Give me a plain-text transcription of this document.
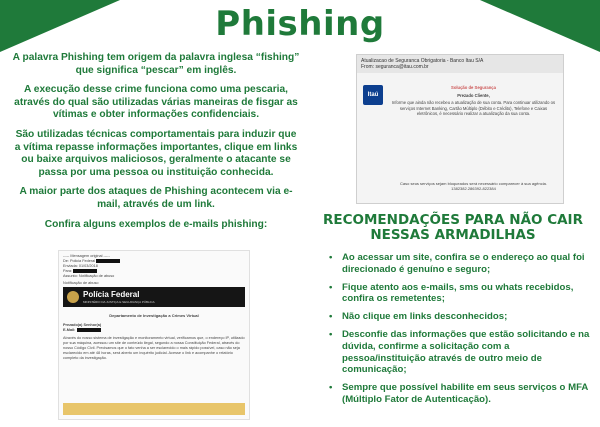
Phishing

A palavra Phishing tem origem da palavra inglesa “fishing” que significa “pescar” em inglês.

A execução desse crime funciona como uma pescaria, através do qual são utilizadas várias maneiras de fisgar as vítimas e obter informações confidenciais.

São utilizadas técnicas comportamentais para induzir que a vítima repasse informações importantes, clique em links ou baixe arquivos maliciosos, geralmente o atacante se passa por uma pessoa ou instituição conhecida.

A maior parte dos ataques de Phishing acontecem via e-mail, através de um link.

Confira alguns exemplos de e-mails phishing:

Atualizacao de Seguranca Obrigatoria - Banco Itau S/A
From: seguranca@itau.com.br
Itaú
Solução de Segurança
Prezado Cliente,
Informe que ainda não recebeu a atualização de sua conta. Para continuar utilizando os serviços Internet Banking, Cartão Múltiplo (Débito e Crédito), Telefone e Caixas eletrônicos, é necessário realizar a atualização da sua conta.
Caso seus serviços sejam bloqueados será necessário comparecer à sua agência. 1382382.286392-822384
----- Mensagem original -----
De: Policia Federal
Enviada: 01/03/2018
Para:
Assunto: Notificação de abuso
Notificação de abuso
Polícia Federal
MINISTÉRIO DA JUSTIÇA E SEGURANÇA PÚBLICA
Departamento de Investigação a Crimes Virtual
Prezado(a) Senhor(a)
E-Mail:
Através do nosso sistema de investigação e monitoramento virtual, verificamos que, o endereço IP, utilizado por sua máquina, acessou um site de conteúdo ilegal, segundo a nossa Constituição Federal, através do nosso Código Civil. Precisamos que o fato venha a ser esclarecido o mais rápido possível, caso não seja esclarecido em até 48 horas, será aberto um inquérito judicial. Acesse o link e acompanhe o relatório completo da investigação.
RECOMENDAÇÕES PARA NÃO CAIR NESSAS ARMADILHAS
• Ao acessar um site, confira se o endereço ao qual foi direcionado é genuíno e seguro;
• Fique atento aos e-mails, sms ou whats recebidos, confira os remetentes;
• Não clique em links desconhecidos;
• Desconfie das informações que estão solicitando e na dúvida, confirme a solicitação com a pessoa/instituição através de outro meio de comunicação;
• Sempre que possível habilite em seus serviços o MFA (Múltiplo Fator de Autenticação).
